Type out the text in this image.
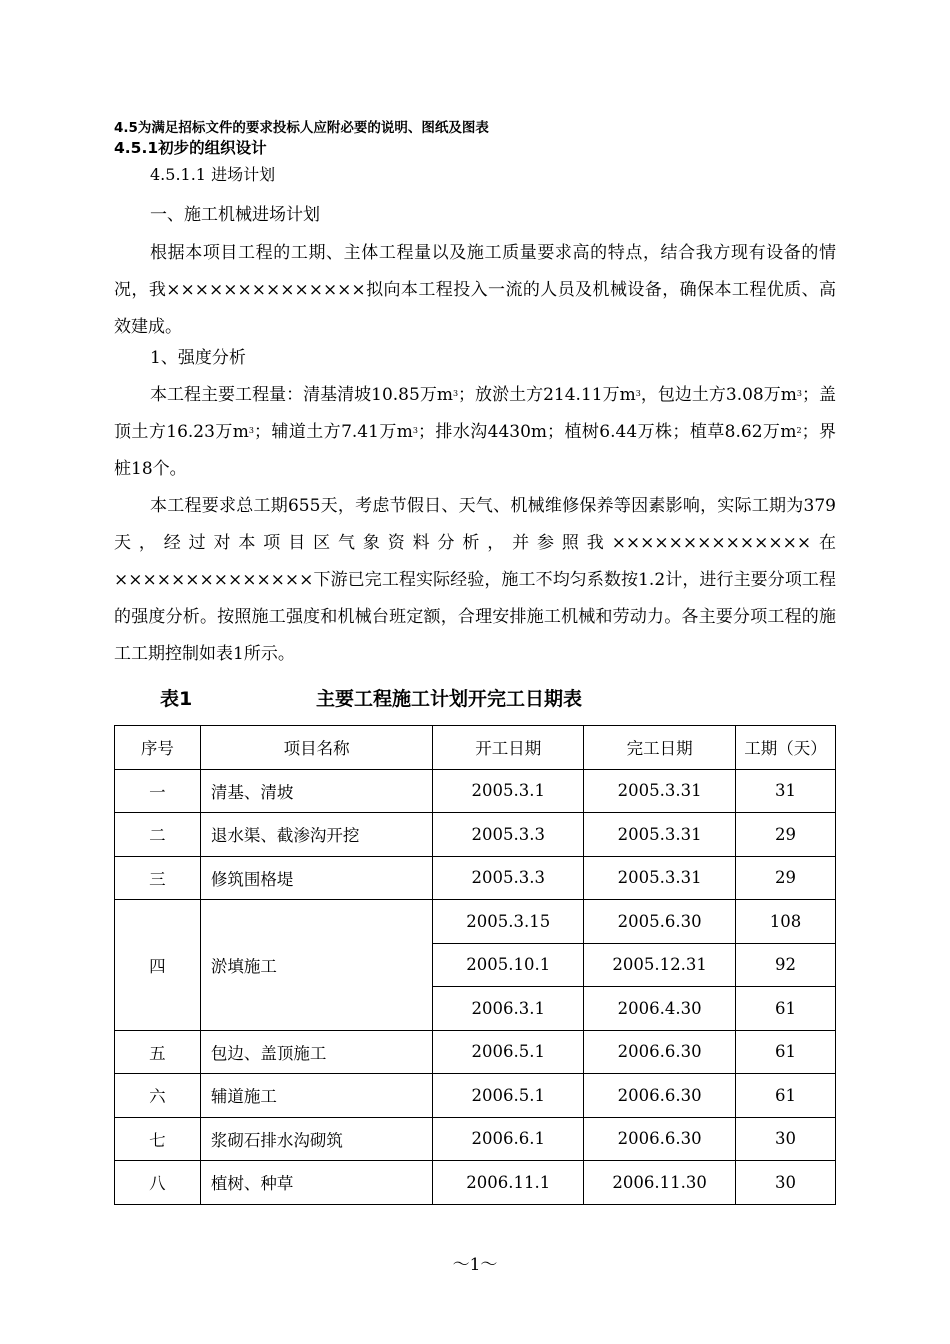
4.5为满足招标文件的要求投标人应附必要的说明、图纸及图表
4.5.1初步的组织设计
4.5.1.1 进场计划
一、施工机械进场计划
根据本项目工程的工期、主体工程量以及施工质量要求高的特点，结合我方现有设备的情况，我××××××××××××××拟向本工程投入一流的人员及机械设备，确保本工程优质、高效建成。
1、强度分析
本工程主要工程量：清基清坡10.85万$m^3$；放淤土方214.11万$m^3$，包边土方3.08万$m^3$；盖顶土方16.23万$m^3$；辅道土方7.41万$m^3$；排水沟4430m；植树6.44万株；植草8.62万$m^2$；界桩18个。
本工程要求总工期655天，考虑节假日、天气、机械维修保养等因素影响，实际工期为379天，经过对本项目区气象资料分析，并参照我××××××××××××××在××××××××××××××下游已完工程实际经验，施工不均匀系数按1.2计，进行主要分项工程的强度分析。按照施工强度和机械台班定额，合理安排施工机械和劳动力。各主要分项工程的施工工期控制如表1所示。
表1	主要工程施工计划开完工日期表
序号	项目名称	开工日期	完工日期	工期（天）
一	清基、清坡	2005.3.1	2005.3.31	31
二	退水渠、截渗沟开挖	2005.3.3	2005.3.31	29
三	修筑围格堤	2005.3.3	2005.3.31	29
四	淤填施工	2005.3.15	2005.6.30	108
		2005.10.1	2005.12.31	92
		2006.3.1	2006.4.30	61
五	包边、盖顶施工	2006.5.1	2006.6.30	61
六	辅道施工	2006.5.1	2006.6.30	61
七	浆砌石排水沟砌筑	2006.6.1	2006.6.30	30
八	植树、种草	2006.11.1	2006.11.30	30
～1～
